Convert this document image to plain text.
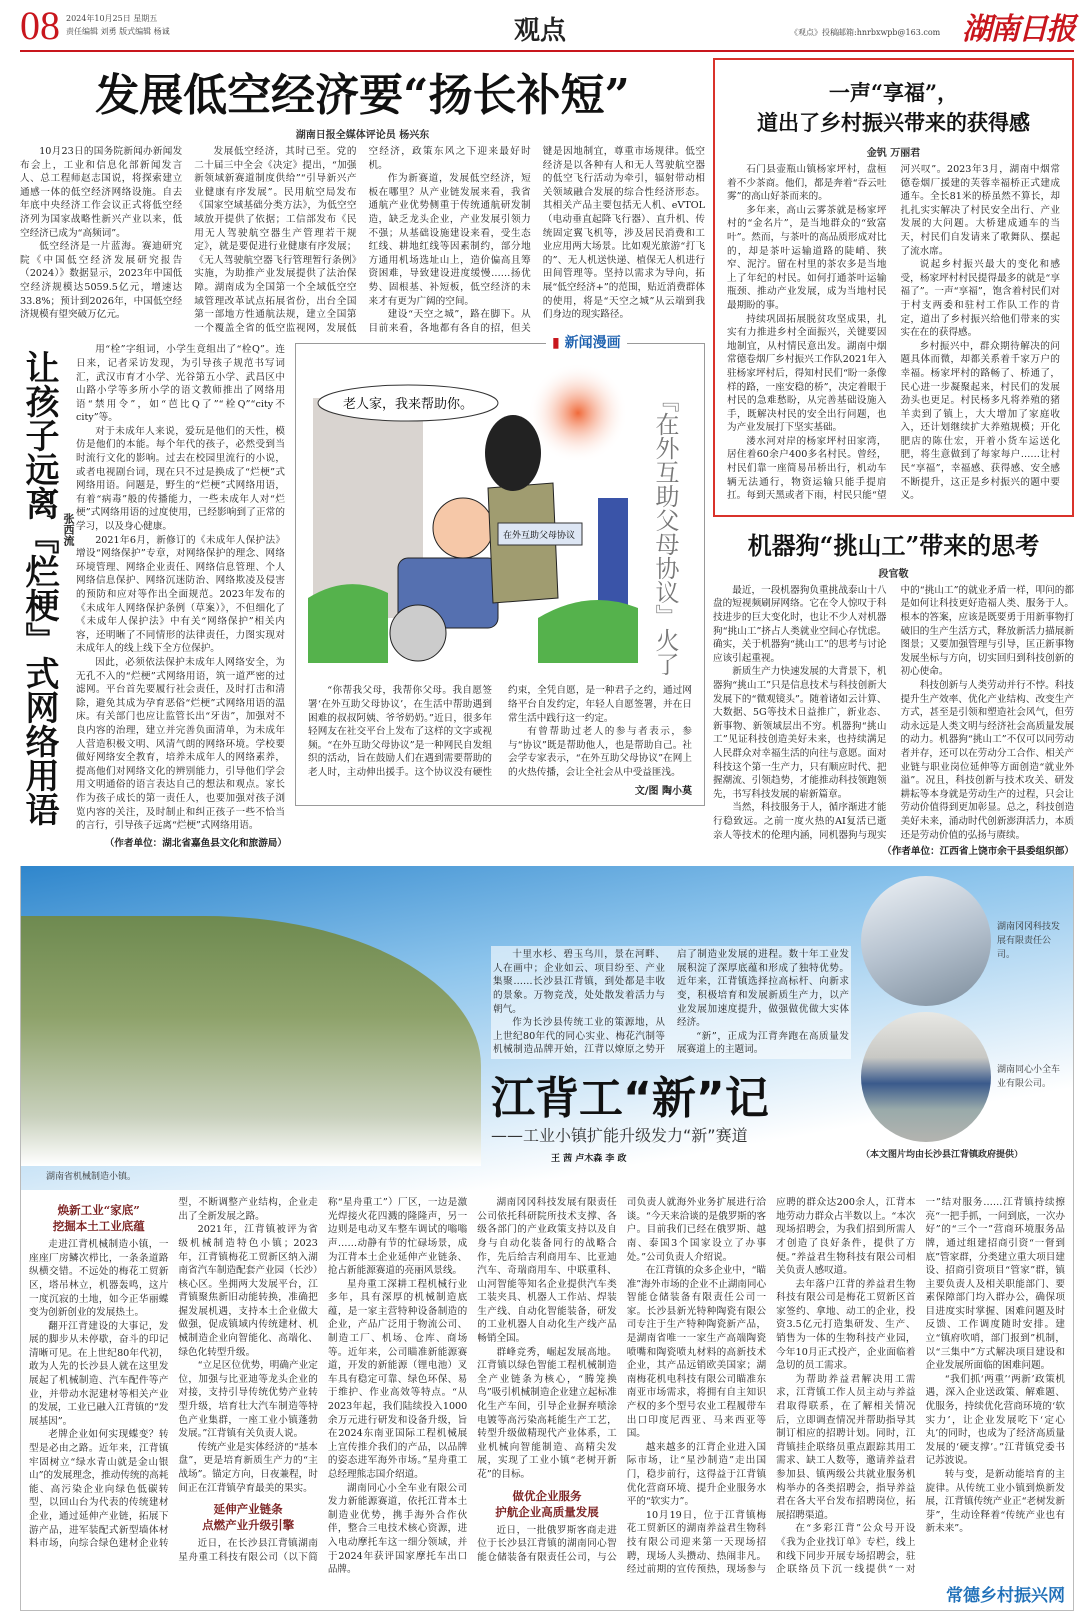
08 2024年10月25日 星期五
责任编辑 刘勇 版式编辑 杨诚	观点	《观点》投稿邮箱:hnrbxwpb@163.com 湖南日报
发展低空经济要“扬长补短”
湖南日报全媒体评论员 杨兴东

10月23日的国务院新闻办新闻发布会上，工业和信息化部新闻发言人、总工程师赵志国说，将探索建立通感一体的低空经济网络设施。自去年底中央经济工作会议正式将低空经济列为国家战略性新兴产业以来，低空经济已成为“高频词”。

低空经济是一片蓝海。赛迪研究院《中国低空经济发展研究报告（2024）》数据显示，2023年中国低空经济规模达5059.5亿元，增速达33.8%；预计到2026年，中国低空经济规模有望突破万亿元。

发展低空经济，其时已至。党的二十届三中全会《决定》提出，“加强新领域新赛道制度供给”“引导新兴产业健康有序发展”。民用航空局发布《国家空域基础分类方法》，为低空空域放开提供了依据；工信部发布《民用无人驾驶航空器生产管理若干规定》，就是要促进行业健康有序发展；《无人驾驶航空器飞行管理暂行条例》实施，为助推产业发展提供了法治保障。湖南成为全国第一个全域低空空域管理改革试点拓展省份，出台全国第一部地方性通航法规，建立全国第一个覆盖全省的低空监视网，发展低空经济，政策东风之下迎来最好时机。

作为新赛道，发展低空经济，短板在哪里？从产业链发展来看，我省通航产业优势侧重于传统通航研发制造，缺乏龙头企业，产业发展引领力不强；从基础设施建设来看，受生态红线、耕地红线等因素制约，部分地方通用机场选址山上，造价偏高且筹资困难，导致建设进度缓慢……扬优势、固根基、补短板，低空经济的未来才有更为广阔的空间。

建设“天空之城”，路在脚下。从目前来看，各地都有各自的招，但关键是因地制宜，尊重市场规律。低空经济是以各种有人和无人驾驶航空器的低空飞行活动为牵引，辐射带动相关领域融合发展的综合性经济形态。其相关产品主要包括无人机、eVTOL（电动垂直起降飞行器）、直升机、传统固定翼飞机等，涉及居民消费和工业应用两大场景。比如观光旅游“打飞的”、无人机送快递、植保无人机进行田间管理等。坚持以需求为导向，拓展“低空经济+”的范围，贴近消费群体的使用，将是“天空之城”从云端到我们身边的现实路径。

让孩子远离『烂梗』式网络用语 张西流

用“栓”字组词，小学生竟组出了“栓Q”。连日来，记者采访发现，为引导孩子规范书写词汇，武汉市育才小学、光谷第五小学、武昌区中山路小学等多所小学的语文教师推出了网络用语“禁用令”，如“芭比Q了”“栓Q”“city不city”等。

对于未成年人来说，爱玩是他们的天性，模仿是他们的本能。每个年代的孩子，必然受到当时流行文化的影响。过去在校园里流行的小说，或者电视剧台词，现在只不过是换成了“烂梗”式网络用语。问题是，野生的“烂梗”式网络用语，有着“病毒”般的传播能力，一些未成年人对“烂梗”式网络用语的过度使用，已经影响到了正常的学习，以及身心健康。

2021年6月，新修订的《未成年人保护法》增设“网络保护”专章，对网络保护的理念、网络环境管理、网络企业责任、网络信息管理、个人网络信息保护、网络沉迷防治、网络欺凌及侵害的预防和应对等作出全面规范。2023年发布的《未成年人网络保护条例（草案）》，不但细化了《未成年人保护法》中有关“网络保护”相关内容，还明晰了不同情形的法律责任，力图实现对未成年人的线上线下全方位保护。

因此，必须依法保护未成年人网络安全，为无孔不入的“烂梗”式网络用语，筑一道严密的过滤网。平台首先要履行社会责任，及时打击和清除，避免其成为孕育恶俗“烂梗”式网络用语的温床。有关部门也应让监管长出“牙齿”，加强对不良内容的治理，建立并完善负面清单，为未成年人营造积极文明、风清气朗的网络环境。学校要做好网络安全教育，培养未成年人的网络素养，提高他们对网络文化的辨别能力，引导他们学会用文明通俗的语言表达自己的想法和观点。家长作为孩子成长的第一责任人，也要加强对孩子浏览内容的关注，及时制止和纠正孩子一些不恰当的言行，引导孩子远离“烂梗”式网络用语。

（作者单位：湖北省嘉鱼县文化和旅游局）
▮ 新闻漫画
在外互助父母协议
老人家，我来帮助你。	『在外互助父母协议』火了

“你帮我父母，我帮你父母。我自愿签署‘在外互助父母协议’，在生活中帮助遇到困难的叔叔阿姨、爷爷奶奶。”近日，很多年轻网友在社交平台上发布了这样的文字或视频。“在外互助父母协议”是一种网民自发组织的活动，旨在鼓励人们在遇到需要帮助的老人时，主动伸出援手。这个协议没有硬性约束，全凭自愿，是一种君子之约，通过网络平台自发约定，年轻人自愿签署，并在日常生活中践行这一约定。

有曾帮助过老人的参与者表示，参与“协议”既是帮助他人，也是帮助自己。社会学专家表示，“在外互助父母协议”在网上的火热传播，会让全社会从中受益匪浅。

文/图 陶小莫
一声“享福”，
道出了乡村振兴带来的获得感
金钒 万丽君

石门县壶瓶山镇杨家坪村，盘桓着不少茶商。他们，都是奔着“吞云吐雾”的高山好茶而来的。

多年来，高山云雾茶就是杨家坪村的“金名片”，是当地群众的“致富叶”。然而，与茶叶的高品质形成对比的，却是茶叶运输道路的陡峭、狭窄、泥泞。留在村里的茶农多是当地上了年纪的村民。如何打通茶叶运输瓶颈、推动产业发展，成为当地村民最期盼的事。

持续巩固拓展脱贫攻坚成果，扎实有力推进乡村全面振兴，关键要因地制宜，从村情民意出发。湖南中烟常德卷烟厂乡村振兴工作队2021年入驻杨家坪村后，得知村民们“盼一条像样的路，一座安稳的桥”，决定着眼于村民的急难愁盼，从完善基础设施入手，既解决村民的安全出行问题，也为产业发展打下坚实基础。

溇水河对岸的杨家坪村田家湾，居住着60余户400多名村民。曾经，村民们靠一座简易吊桥出行，机动车辆无法通行，物资运输只能手提肩扛。每到天黑或者下雨，村民只能“望河兴叹”。2023年3月，湖南中烟常德卷烟厂援建的芙蓉幸福桥正式建成通车。全长81米的桥虽然不算长，却扎扎实实解决了村民安全出行、产业发展的大问题。大桥建成通车的当天，村民们自发请来了歌舞队、摆起了流水席。

说起乡村振兴最大的变化和感受，杨家坪村村民提得最多的就是“享福了”。一声“享福”，饱含着村民们对于村支两委和驻村工作队工作的肯定，道出了乡村振兴给他们带来的实实在在的获得感。

乡村振兴中，群众期待解决的问题具体而微，却都关系着千家万户的幸福。杨家坪村的路畅了、桥通了，民心进一步凝聚起来，村民们的发展劲头也更足。村民杨多凡将养殖的猪羊卖到了镇上，大大增加了家庭收入，还计划继续扩大养殖规模；开化肥店的陈仕宏，开着小货车运送化肥，将生意做到了每家每户……让村民“享福”，幸福感、获得感、安全感不断提升，这正是乡村振兴的题中要义。

机器狗“挑山工”带来的思考
段官敬

最近，一段机器狗负重挑战泰山十八盘的短视频刷屏网络。它在令人惊叹于科技进步的巨大变化时，也让不少人对机器狗“挑山工”挤占人类就业空间心存忧虑。确实，关于机器狗“挑山工”的思考与讨论应该引起重视。

新质生产力快速发展的大背景下，机器狗“挑山工”只是信息技术与科技创新大发展下的“微观镜头”。随着诸如云计算、大数据、5G等技术日益推广，新业态、新事物、新领域层出不穷。机器狗“挑山工”见证科技创造美好未来，也持续满足人民群众对幸福生活的向往与意愿。面对科技这个第一生产力，只有顺应时代、把握潮流、引领趋势，才能推动科技领跑领先，书写科技发展的崭新篇章。

当然，科技服务于人，循序渐进才能行稳致远。之前一度火热的AI复活已逝亲人等技术的伦理内涵，同机器狗与现实中的“挑山工”的就业矛盾一样，叩问的都是如何让科技更好造福人类、服务于人。根本的答案，应该是既要勇于用新事物打破旧的生产生活方式，释放新活力描展新图景；又要加强管理与引导，匡正新事物发展坐标与方向，切实回归到科技创新的初心使命。

科技创新与人类劳动并行不悖。科技提升生产效率、优化产业结构、改变生产方式，甚至是引领和塑造社会风气，但劳动永远是人类文明与经济社会高质量发展的动力。机器狗“挑山工”不仅可以同劳动者并存，还可以在劳动分工合作、相关产业链与职业岗位延伸等方面创造“就业外溢”。况且，科技创新与技术攻关、研发耕耘等本身就是劳动生产的过程，只会让劳动价值得到更加彰显。总之，科技创造美好未来，涌动时代创新澎湃活力，本质还是劳动价值的弘扬与赓续。

（作者单位：江西省上饶市余干县委组织部）
湖南省机械制造小镇。

十里水杉、碧玉乌川，景在河畔、人在画中；企业如云、项目纷至、产业集聚……长沙县江背镇，到处都是丰收的景象。万物竞茂，处处散发着活力与朝气。

作为长沙县传统工业的策源地，从上世纪80年代的同心实业、梅花汽制等机械制造品牌开始，江背以燎原之势开启了制造业发展的进程。数十年工业发展积淀了深厚底蕴和形成了独特优势。近年来，江背镇选择拉高标杆、向新求变，积极培育和发展新质生产力，以产业发展加速度提升，做强做优做大实体经济。

“新”，正成为江背奔跑在高质量发展赛道上的主题词。

江背工“新”记
——工业小镇扩能升级发力“新”赛道
王 茜 卢木森 李 政
湖南冈冈科技发展有限责任公司。
湖南同心小全车业有限公司。
（本文图片均由长沙县江背镇政府提供）
焕新工业“家底”
挖掘本土工业底蕴

走进江背机械制造小镇，一座座厂房鳞次栉比，一条条道路纵横交错。不远处的梅花工贸新区，塔吊林立，机器轰鸣，这片一度沉寂的土地，如今正华丽蝶变为创新创业的发展热土。

翻开江背建设的大事记，发展的脚步从未停歇，奋斗的印记清晰可见。在上世纪80年代初，敢为人先的长沙县人就在这里发展起了机械制造、汽车配件等产业，并带动水泥建材等相关产业的发展，工业已融入江背镇的“发展基因”。

老牌企业如何实现蝶变？转型是必由之路。近年来，江背镇牢固树立“绿水青山就是金山银山”的发展理念，推动传统的高耗能、高污染企业向绿色低碳转型，以回山台为代表的传统建材企业，通过延伸产业链，拓展下游产品，进军装配式新型墙体材料市场，向综合绿色建材企业转型，不断调整产业结构，企业走出了全新发展之路。

2021年，江背镇被评为省级机械制造特色小镇；2023年，江背镇梅花工贸新区纳入湖南省汽车制造配套产业园（长沙）核心区。坐拥两大发展平台，江背镇聚焦新旧动能转换，准确把握发展机遇，支持本土企业做大做强，促成镇域内传统建材、机械制造企业向智能化、高端化、绿色化转型升级。

“立足区位优势，明确产业定位，加强与比亚迪等龙头企业的对接，支持引导传统优势产业转型升级，培育壮大汽车制造等特色产业集群，一座工业小镇蓬勃发展。”江背镇有关负责人说。

传统产业是实体经济的“基本盘”，更是培育新质生产力的“主战场”。锚定方向，日夜兼程，时间正在江背镇孕育最美的果实。

延伸产业链条
点燃产业升级引擎

近日，在长沙县江背镇湖南星舟重工科技有限公司（以下简称“星舟重工”）厂区，一边是激光焊接火花四溅的隆隆声，另一边则是电动叉车整车调试的嗡嗡声……动静有节的忙碌场景，成为江背本土企业延伸产业链条、抢占新能源赛道的亮丽风景线。

星舟重工深耕工程机械行业多年，具有深厚的机械制造底蕴，是一家主营特种设备制造的企业，产品广泛用于物流公司、制造工厂、机场、仓库、商场等。近年来，公司瞄准新能源赛道，开发的新能源（锂电池）叉车具有稳定可靠、绿色环保、易于维护、作业高效等特点。“从2023年起，我们陆续投入1000余万元进行研发和设备升级，旨在2024东南亚国际工程机械展上宣传推介我们的产品，以品牌的姿态进军海外市场。”星舟重工总经理熊志国介绍道。

湖南同心小全车业有限公司发力新能源赛道，依托江背本土制造业优势，携手海外合作伙伴，整合三电技术核心资源，进入电动摩托车这一细分领域，并于2024年获评国家摩托车出口品牌。

湖南冈冈科技发展有限责任公司依托科研院所技术支撑、各级各部门的产业政策支持以及自身与自动化装备同行的战略合作，先后给吉利商用车、比亚迪汽车、奇瑞商用车、中联重科、山河智能等知名企业提供汽车类工装夹具、机器人工作站、焊装生产线、自动化智能装备，研发的工业机器人自动化生产线产品畅销全国。

群峰竞秀，崛起发展高地。江背镇以绿色智能工程机械制造全产业链条为核心，“腾笼换鸟”吸引机械制造企业建立起标准化生产车间，引导企业摒弃喷涂电镀等高污染高耗能生产工艺，转型升级做精现代产业体系，工业机械向智能制造、高精尖发展，实现了工业小镇“老树开新花”的目标。

做优企业服务
护航企业高质量发展

近日，一批俄罗斯客商走进位于长沙县江背镇的湖南同心智能仓储装备有限责任公司，与公司负责人就海外业务扩展进行洽谈。“今天来洽谈的是俄罗斯的客户。目前我们已经在俄罗斯、越南、泰国3个国家设立了办事处。”公司负责人介绍说。

在江背镇的众多企业中，“瞄准”海外市场的企业不止湖南同心智能仓储装备有限责任公司一家。长沙县新光特种陶瓷有限公司专注于生产特种陶瓷新产品，是湖南省唯一一家生产高端陶瓷喷嘴和陶瓷喷丸材料的高新技术企业，其产品远销欧美国家；湖南梅花机电科技有限公司瞄准东南亚市场需求，将拥有自主知识产权的多个型号农业工程履带车出口印度尼西亚、马来西亚等国。

越来越多的江背企业进入国际市场，让“星沙制造”走出国门，稳步前行，这得益于江背镇优化营商环境、提升企业服务水平的“软实力”。

10月19日，位于江背镇梅花工贸新区的湖南养益君生物科技有限公司迎来第一天现场招聘，现场人头攒动、热闹非凡。经过前期的宣传预热，现场参与应聘的群众达200余人，江背本地劳动力群众占半数以上。“本次现场招聘会，为我们招到所需人才创造了良好条件，提供了方便。”养益君生物科技有限公司相关负责人感叹道。

去年落户江背的养益君生物科技有限公司是梅花工贸新区首家签约、拿地、动工的企业，投资3.5亿元打造集研发、生产、销售为一体的生物科技产业园，今年10月正式投产，企业面临着急切的员工需求。

为帮助养益君解决用工需求，江背镇工作人员主动与养益君取得联系，在了解相关情况后，立即调查情况并帮助指导其制订相应的招聘计划。同时，江背镇挂企联络员重点跟踪其用工需求、缺工人数等，邀请养益君参加县、镇两级公共就业服务机构举办的各类招聘会，指导养益君在各大平台发布招聘岗位，拓展招聘渠道。

在“多彩江背”公众号开设《我为企业找订单》专栏，线上和线下同步开展专场招聘会，驻企联络员下沉一线提供“一对一”结对服务……江背镇持续擦亮“一把手抓，一问到底，一次办好”的“三个一”营商环境服务品牌，通过组建招商引资“一督到底”管家群，分类建立重大项目建设、招商引资项目“管家”群，镇主要负责人及相关职能部门、要素保障部门均入群办公，确保项目进度实时掌握、困难问题及时反馈、工作调度随时安排。建立“镇府吹哨，部门报到”机制，以“三集中”方式解决项目建设和企业发展所面临的困难问题。

“我们抓‘两重’‘两新’政策机遇，深入企业送政策、解难题、优服务，持续优化营商环境的‘软实力’，让企业发展吃下‘定心丸’的同时，也成为了经济高质量发展的‘硬支撑’。”江背镇党委书记苏波说。

转与变，是新动能培育的主旋律。从传统工业小镇到焕新发展，江背镇传统产业正“老树发新芽”，生动诠释着“传统产业也有新未来”。

常德乡村振兴网
